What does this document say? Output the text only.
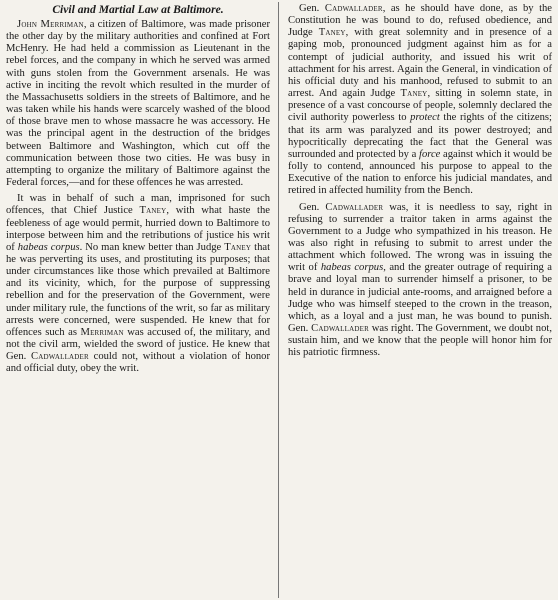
Civil and Martial Law at Baltimore.

John Merriman, a citizen of Baltimore, was made prisoner the other day by the military authorities and confined at Fort McHenry. He had held a commission as Lieutenant in the rebel forces, and the company in which he served was armed with guns stolen from the Government arsenals. He was active in inciting the revolt which resulted in the murder of the Massachusetts soldiers in the streets of Baltimore, and he was taken while his hands were scarcely washed of the blood of those brave men to whose massacre he was accessory. He was the principal agent in the destruction of the bridges between Baltimore and Washington, which cut off the communication between those two cities. He was busy in attempting to organize the military of Baltimore against the Federal forces,—and for these offences he was arrested.

It was in behalf of such a man, imprisoned for such offences, that Chief Justice Taney, with what haste the feebleness of age would permit, hurried down to Baltimore to interpose between him and the retributions of justice his writ of habeas corpus. No man knew better than Judge Taney that he was perverting its uses, and prostituting its purposes; that under circumstances like those which prevailed at Baltimore and its vicinity, which, for the purpose of suppressing rebellion and for the preservation of the Government, were under military rule, the functions of the writ, so far as military arrests were concerned, were suspended. He knew that for offences such as Merriman was accused of, the military, and not the civil arm, wielded the sword of justice. He knew that Gen. Cadwallader could not, without a violation of honor and official duty, obey the writ.

Gen. Cadwallader, as he should have done, as by the Constitution he was bound to do, refused obedience, and Judge Taney, with great solemnity and in presence of a gaping mob, pronounced judgment against him as for a contempt of judicial authority, and issued his writ of attachment for his arrest. Again the General, in vindication of his official duty and his manhood, refused to submit to an arrest. And again Judge Taney, sitting in solemn state, in presence of a vast concourse of people, solemnly declared the civil authority powerless to protect the rights of the citizens; that its arm was paralyzed and its power destroyed; and hypocritically deprecating the fact that the General was surrounded and protected by a force against which it would be folly to contend, announced his purpose to appeal to the Executive of the nation to enforce his judicial mandates, and retired in affected humility from the Bench.

Gen. Cadwallader was, it is needless to say, right in refusing to surrender a traitor taken in arms against the Government to a Judge who sympathized in his treason. He was also right in refusing to submit to arrest under the attachment which followed. The wrong was in issuing the writ of habeas corpus, and the greater outrage of requiring a brave and loyal man to surrender himself a prisoner, to be held in durance in judicial ante-rooms, and arraigned before a Judge who was himself steeped to the crown in the treason, which, as a loyal and a just man, he was bound to punish. Gen. Cadwallader was right. The Government, we doubt not, sustain him, and we know that the people will honor him for his patriotic firmness.
